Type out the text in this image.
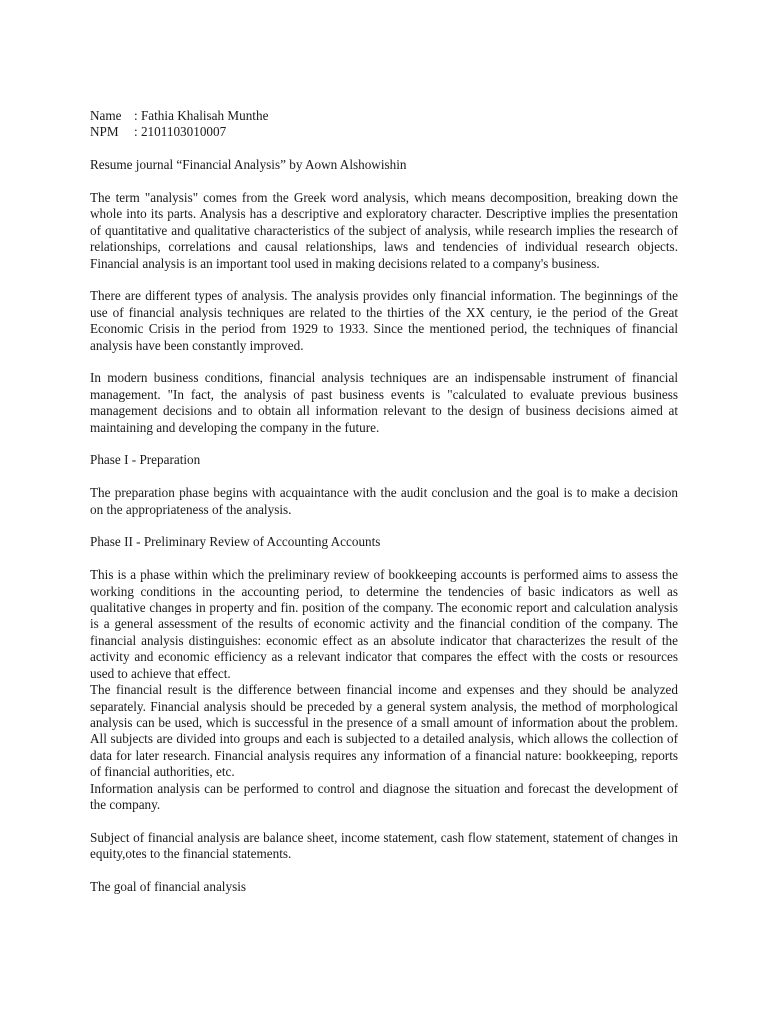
Name : Fathia Khalisah Munthe
NPM	: 2101103010007

Resume journal “Financial Analysis” by Aown Alshowishin

The term "analysis" comes from the Greek word analysis, which means decomposition, breaking down the whole into its parts. Analysis has a descriptive and exploratory character. Descriptive implies the presentation of quantitative and qualitative characteristics of the subject of analysis, while research implies the research of relationships, correlations and causal relationships, laws and tendencies of individual research objects. Financial analysis is an important tool used in making decisions related to a company's business.

There are different types of analysis. The analysis provides only financial information. The beginnings of the use of financial analysis techniques are related to the thirties of the XX century, ie the period of the Great Economic Crisis in the period from 1929 to 1933. Since the mentioned period, the techniques of financial analysis have been constantly improved.

In modern business conditions, financial analysis techniques are an indispensable instrument of financial management. "In fact, the analysis of past business events is "calculated to evaluate previous business management decisions and to obtain all information relevant to the design of business decisions aimed at maintaining and developing the company in the future.

Phase I - Preparation

The preparation phase begins with acquaintance with the audit conclusion and the goal is to make a decision on the appropriateness of the analysis.

Phase II - Preliminary Review of Accounting Accounts

This is a phase within which the preliminary review of bookkeeping accounts is performed aims to assess the working conditions in the accounting period, to determine the tendencies of basic indicators as well as qualitative changes in property and fin. position of the company. The economic report and calculation analysis is a general assessment of the results of economic activity and the financial condition of the company. The financial analysis distinguishes: economic effect as an absolute indicator that characterizes the result of the activity and economic efficiency as a relevant indicator that compares the effect with the costs or resources used to achieve that effect.

The financial result is the difference between financial income and expenses and they should be analyzed separately. Financial analysis should be preceded by a general system analysis, the method of morphological analysis can be used, which is successful in the presence of a small amount of information about the problem. All subjects are divided into groups and each is subjected to a detailed analysis, which allows the collection of data for later research. Financial analysis requires any information of a financial nature: bookkeeping, reports of financial authorities, etc.

Information analysis can be performed to control and diagnose the situation and forecast the development of the company.

Subject of financial analysis are balance sheet, income statement, cash flow statement, statement of changes in equity,otes to the financial statements.

The goal of financial analysis
